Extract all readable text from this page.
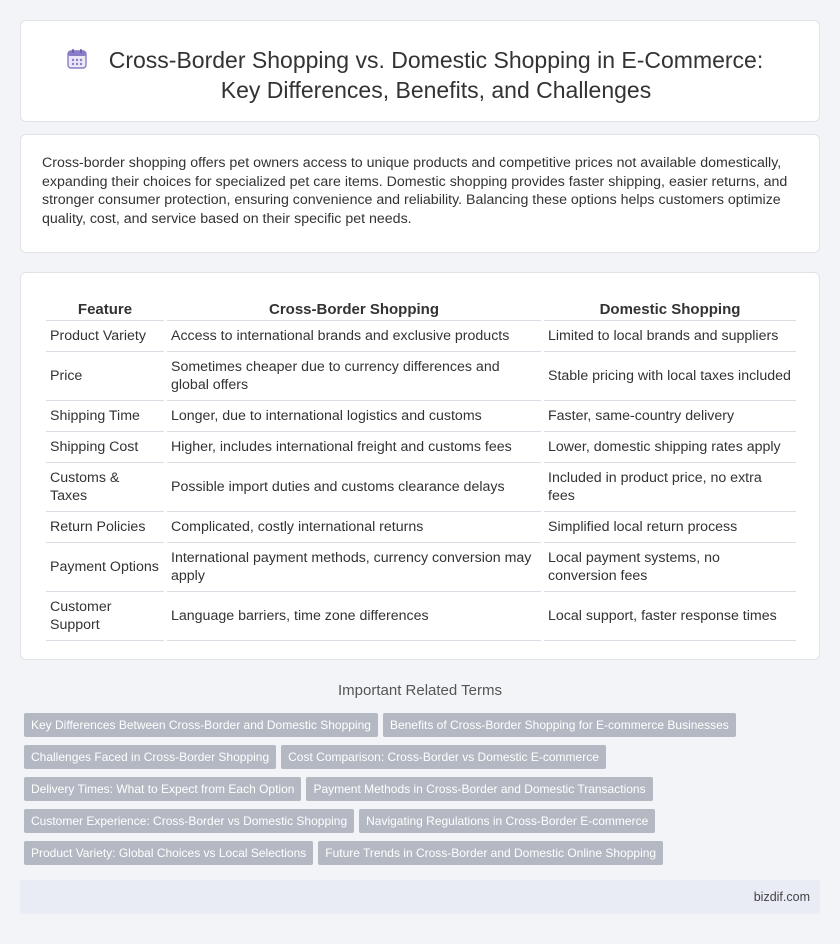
Cross-Border Shopping vs. Domestic Shopping in E-Commerce: Key Differences, Benefits, and Challenges

Cross-border shopping offers pet owners access to unique products and competitive prices not available domestically, expanding their choices for specialized pet care items. Domestic shopping provides faster shipping, easier returns, and stronger consumer protection, ensuring convenience and reliability. Balancing these options helps customers optimize quality, cost, and service based on their specific pet needs.

Feature	Cross-Border Shopping	Domestic Shopping
Product Variety	Access to international brands and exclusive products	Limited to local brands and suppliers
Price	Sometimes cheaper due to currency differences and global offers	Stable pricing with local taxes included
Shipping Time	Longer, due to international logistics and customs	Faster, same-country delivery
Shipping Cost	Higher, includes international freight and customs fees	Lower, domestic shipping rates apply
Customs & Taxes	Possible import duties and customs clearance delays	Included in product price, no extra fees
Return Policies	Complicated, costly international returns	Simplified local return process
Payment Options	International payment methods, currency conversion may apply	Local payment systems, no conversion fees
Customer Support	Language barriers, time zone differences	Local support, faster response times
Important Related Terms
Key Differences Between Cross-Border and Domestic Shopping Benefits of Cross-Border Shopping for E-commerce Businesses
Challenges Faced in Cross-Border Shopping Cost Comparison: Cross-Border vs Domestic E-commerce
Delivery Times: What to Expect from Each Option Payment Methods in Cross-Border and Domestic Transactions
Customer Experience: Cross-Border vs Domestic Shopping Navigating Regulations in Cross-Border E-commerce
Product Variety: Global Choices vs Local Selections Future Trends in Cross-Border and Domestic Online Shopping
bizdif.com
